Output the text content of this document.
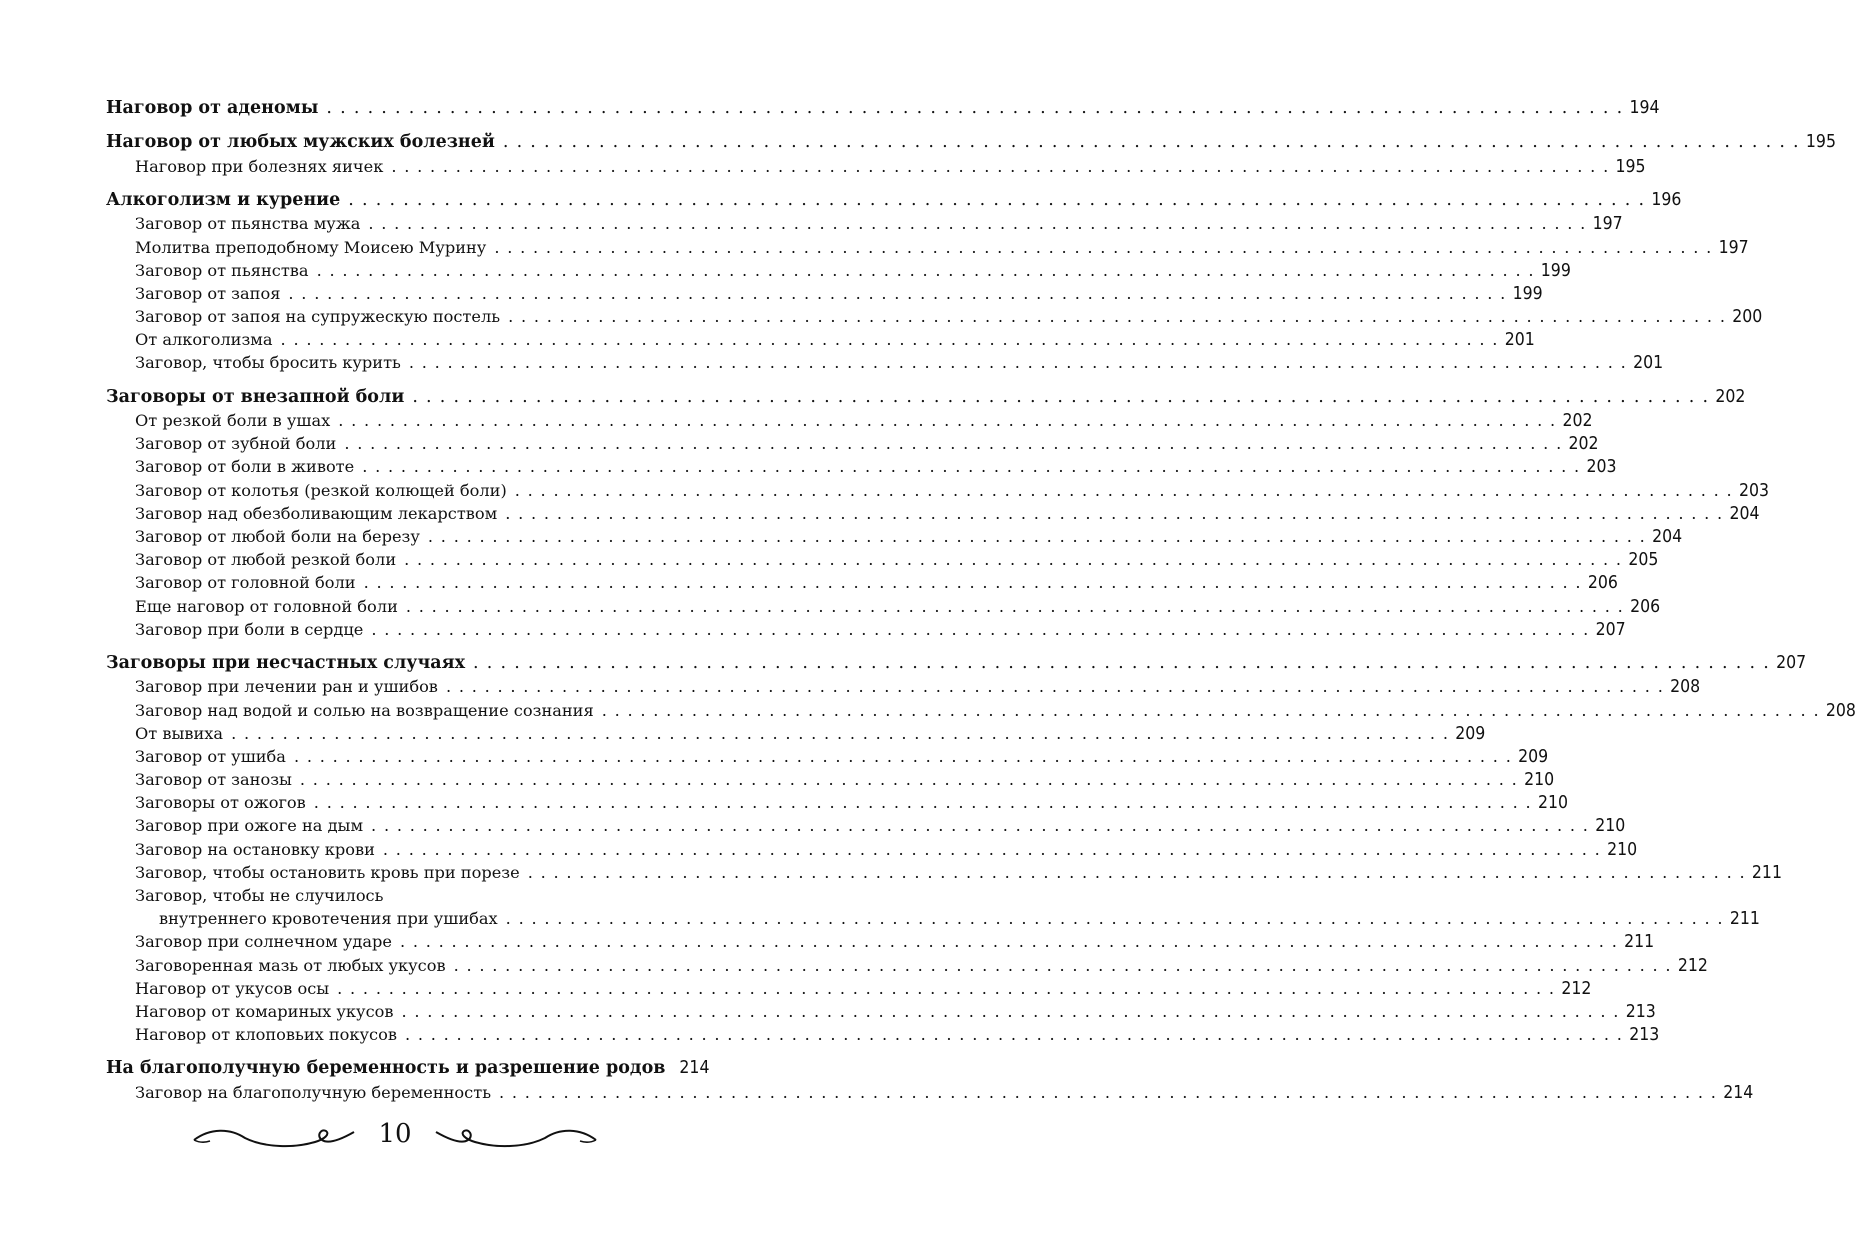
Наговор от аденомы . . .	194
Наговор от любых мужских болезней . . .	195
Наговор при болезнях яичек . . .	195
Алкоголизм и курение . . .	196
Заговор от пьянства мужа . . .	197
Молитва преподобному Моисею Мурину . . .	197
Заговор от пьянства . . .	199
Заговор от запоя . . .	199
Заговор от запоя на супружескую постель . . .	200
От алкоголизма . . .	201
Заговор, чтобы бросить курить . . .	201
Заговоры от внезапной боли . . .	202
От резкой боли в ушах . . .	202
Заговор от зубной боли . . .	202
Заговор от боли в животе . . .	203
Заговор от колотья (резкой колющей боли) . . .	203
Заговор над обезболивающим лекарством . . .	204
Заговор от любой боли на березу . . .	204
Заговор от любой резкой боли . . .	205
Заговор от головной боли . . .	206
Еще наговор от головной боли . . .	206
Заговор при боли в сердце . . .	207
Заговоры при несчастных случаях . . .	207
Заговор при лечении ран и ушибов . . .	208
Заговор над водой и солью на возвращение сознания . . .	208
От вывиха . . .	209
Заговор от ушиба . . .	209
Заговор от занозы . . .	210
Заговоры от ожогов . . .	210
Заговор при ожоге на дым . . .	210
Заговор на остановку крови . . .	210
Заговор, чтобы остановить кровь при порезе . . .	211
Заговор, чтобы не случилось
внутреннего кровотечения при ушибах . . .	211
Заговор при солнечном ударе . . .	211
Заговоренная мазь от любых укусов . . .	212
Наговор от укусов осы . . .	212
Наговор от комариных укусов . . .	213
Наговор от клоповьих покусов . . .	213
На благополучную беременность и разрешение родов 214
Заговор на благополучную беременность . . .	214
10
